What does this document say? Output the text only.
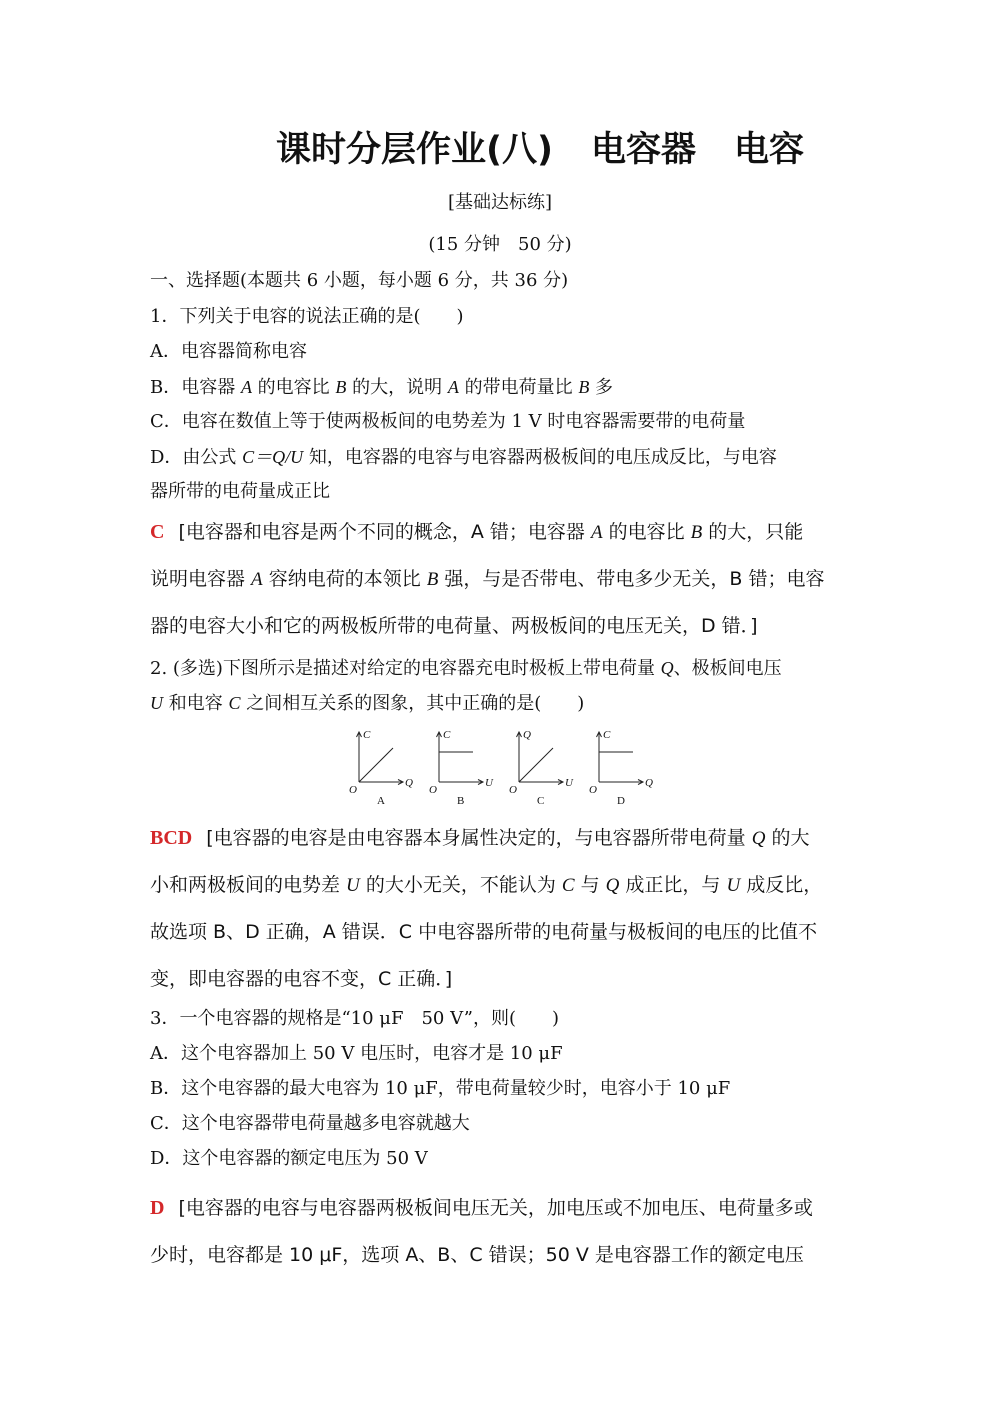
课时分层作业(八) 电容器 电容
[基础达标练]
(15 分钟　50 分)
一、选择题(本题共 6 小题，每小题 6 分，共 36 分)
1．下列关于电容的说法正确的是(　　)
A．电容器简称电容
B．电容器 A 的电容比 B 的大，说明 A 的带电荷量比 B 多
C．电容在数值上等于使两极板间的电势差为 1 V 时电容器需要带的电荷量
D．由公式 C＝Q/U 知，电容器的电容与电容器两极板间的电压成反比，与电容
器所带的电荷量成正比
C [电容器和电容是两个不同的概念，A 错；电容器 A 的电容比 B 的大，只能
说明电容器 A 容纳电荷的本领比 B 强，与是否带电、带电多少无关，B 错；电容
器的电容大小和它的两极板所带的电荷量、两极板间的电压无关，D 错．]
2. (多选)下图所示是描述对给定的电容器充电时极板上带电荷量 Q、极板间电压
U 和电容 C 之间相互关系的图象，其中正确的是(　　)
C
Q
O
A
C
U
O
B
Q
U
O
C
C
Q
O
D
BCD [电容器的电容是由电容器本身属性决定的，与电容器所带电荷量 Q 的大
小和两极板间的电势差 U 的大小无关，不能认为 C 与 Q 成正比，与 U 成反比，
故选项 B、D 正确，A 错误．C 中电容器所带的电荷量与极板间的电压的比值不
变，即电容器的电容不变，C 正确．]
3．一个电容器的规格是“10 μF　50 V”，则(　　)
A．这个电容器加上 50 V 电压时，电容才是 10 μF
B．这个电容器的最大电容为 10 μF，带电荷量较少时，电容小于 10 μF
C．这个电容器带电荷量越多电容就越大
D．这个电容器的额定电压为 50 V
D [电容器的电容与电容器两极板间电压无关，加电压或不加电压、电荷量多或
少时，电容都是 10 μF，选项 A、B、C 错误；50 V 是电容器工作的额定电压
